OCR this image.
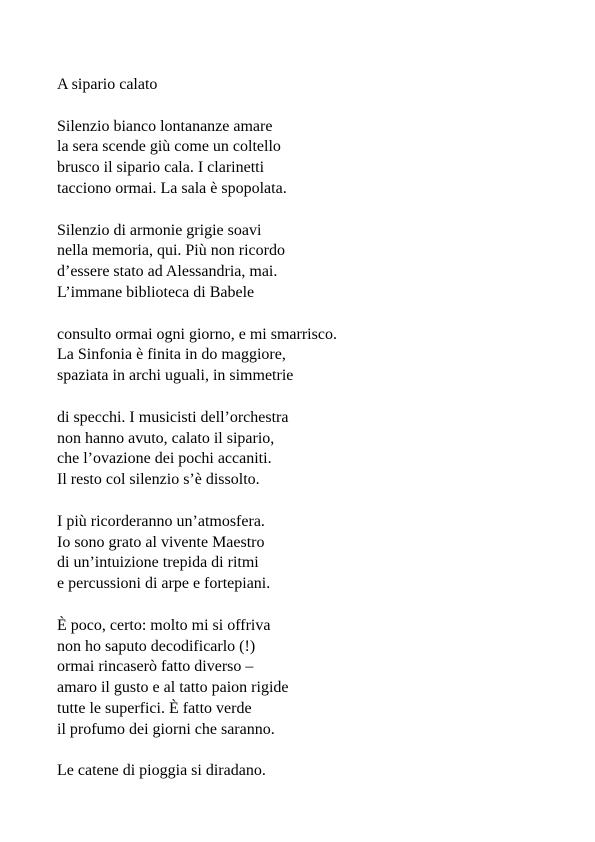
A sipario calato
Silenzio bianco lontananze amare
la sera scende giù come un coltello
brusco il sipario cala. I clarinetti
tacciono ormai. La sala è spopolata.
Silenzio di armonie grigie soavi
nella memoria, qui. Più non ricordo
d’essere stato ad Alessandria, mai.
L’immane biblioteca di Babele
consulto ormai ogni giorno, e mi smarrisco.
La Sinfonia è finita in do maggiore,
spaziata in archi uguali, in simmetrie
di specchi. I musicisti dell’orchestra
non hanno avuto, calato il sipario,
che l’ovazione dei pochi accaniti.
Il resto col silenzio s’è dissolto.
I più ricorderanno un’atmosfera.
Io sono grato al vivente Maestro
di un’intuizione trepida di ritmi
e percussioni di arpe e fortepiani.
È poco, certo: molto mi si offriva
non ho saputo decodificarlo (!)
ormai rincaserò fatto diverso –
amaro il gusto e al tatto paion rigide
tutte le superfici. È fatto verde
il profumo dei giorni che saranno.
Le catene di pioggia si diradano.
